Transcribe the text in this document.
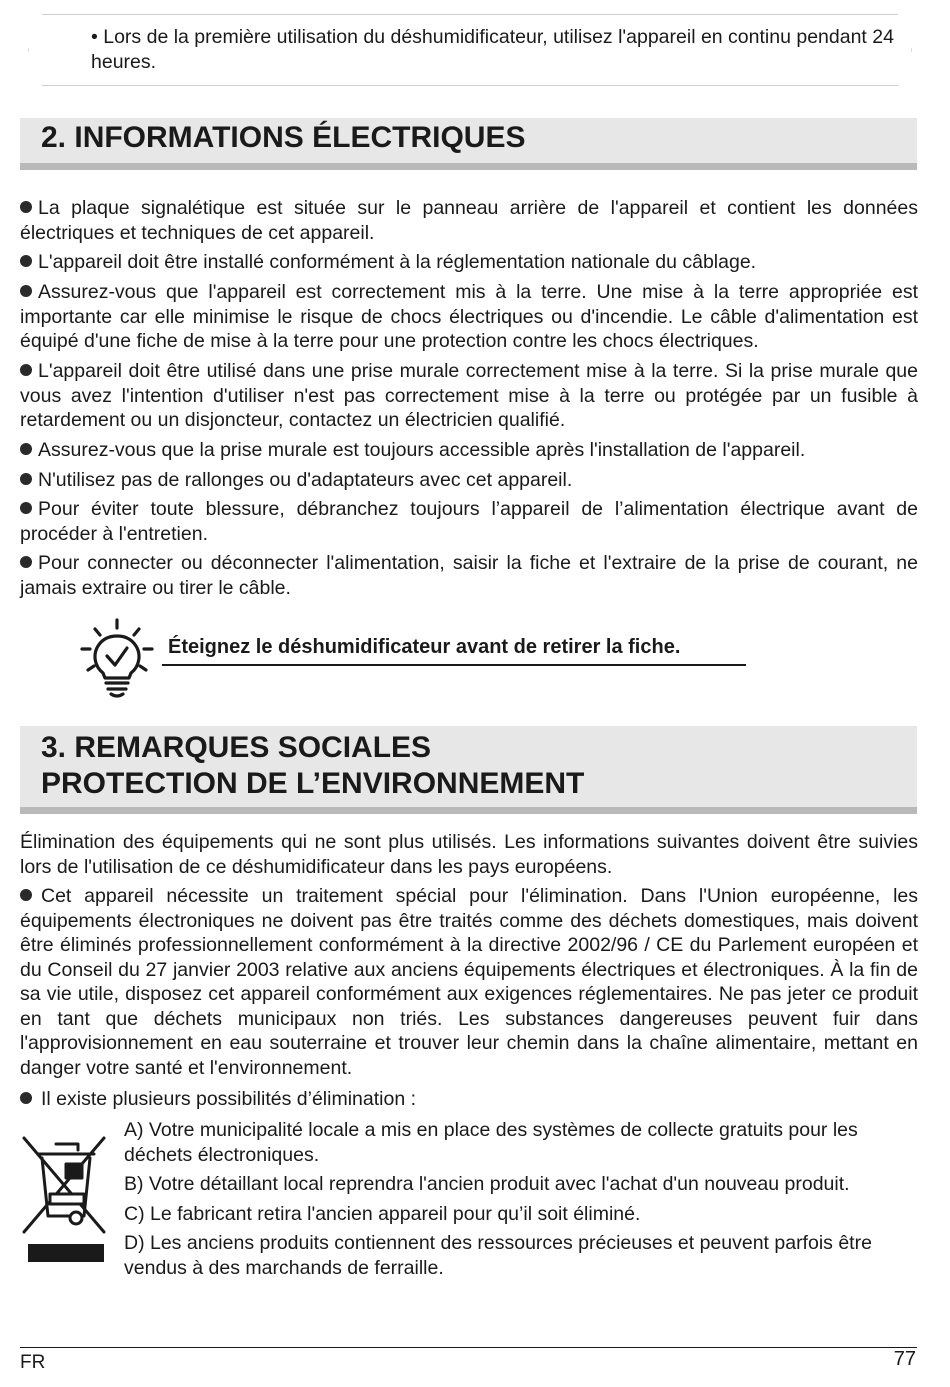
• Lors de la première utilisation du déshumidificateur, utilisez l'appareil en continu pendant 24 heures.
2. INFORMATIONS ÉLECTRIQUES
La plaque signalétique est située sur le panneau arrière de l'appareil et contient les données électriques et techniques de cet appareil.
L'appareil doit être installé conformément à la réglementation nationale du câblage.
Assurez-vous que l'appareil est correctement mis à la terre. Une mise à la terre appropriée est importante car elle minimise le risque de chocs électriques ou d'incendie. Le câble d'alimentation est équipé d'une fiche de mise à la terre pour une protection contre les chocs électriques.
L'appareil doit être utilisé dans une prise murale correctement mise à la terre. Si la prise murale que vous avez l'intention d'utiliser n'est pas correctement mise à la terre ou protégée par un fusible à retardement ou un disjoncteur, contactez un électricien qualifié.
Assurez-vous que la prise murale est toujours accessible après l'installation de l'appareil.
N'utilisez pas de rallonges ou d'adaptateurs avec cet appareil.
Pour éviter toute blessure, débranchez toujours l’appareil de l’alimentation électrique avant de procéder à l'entretien.
Pour connecter ou déconnecter l'alimentation, saisir la fiche et l'extraire de la prise de courant, ne jamais extraire ou tirer le câble.
Éteignez le déshumidificateur avant de retirer la fiche.
3. REMARQUES SOCIALES
PROTECTION DE L’ENVIRONNEMENT
Élimination des équipements qui ne sont plus utilisés. Les informations suivantes doivent être suivies lors de l'utilisation de ce déshumidificateur dans les pays européens.
Cet appareil nécessite un traitement spécial pour l'élimination. Dans l'Union européenne, les équipements électroniques ne doivent pas être traités comme des déchets domestiques, mais doivent être éliminés professionnellement conformément à la directive 2002/96 / CE du Parlement européen et du Conseil du 27 janvier 2003 relative aux anciens équipements électriques et électroniques. À la fin de sa vie utile, disposez cet appareil conformément aux exigences réglementaires. Ne pas jeter ce produit en tant que déchets municipaux non triés. Les substances dangereuses peuvent fuir dans l'approvisionnement en eau souterraine et trouver leur chemin dans la chaîne alimentaire, mettant en danger votre santé et l'environnement.
Il existe plusieurs possibilités d’élimination :
A) Votre municipalité locale a mis en place des systèmes de collecte gratuits pour les déchets électroniques.
B) Votre détaillant local reprendra l'ancien produit avec l'achat d'un nouveau produit.
C) Le fabricant retira l'ancien appareil pour qu’il soit éliminé.
D) Les anciens produits contiennent des ressources précieuses et peuvent parfois être vendus à des marchands de ferraille.
FR	77
